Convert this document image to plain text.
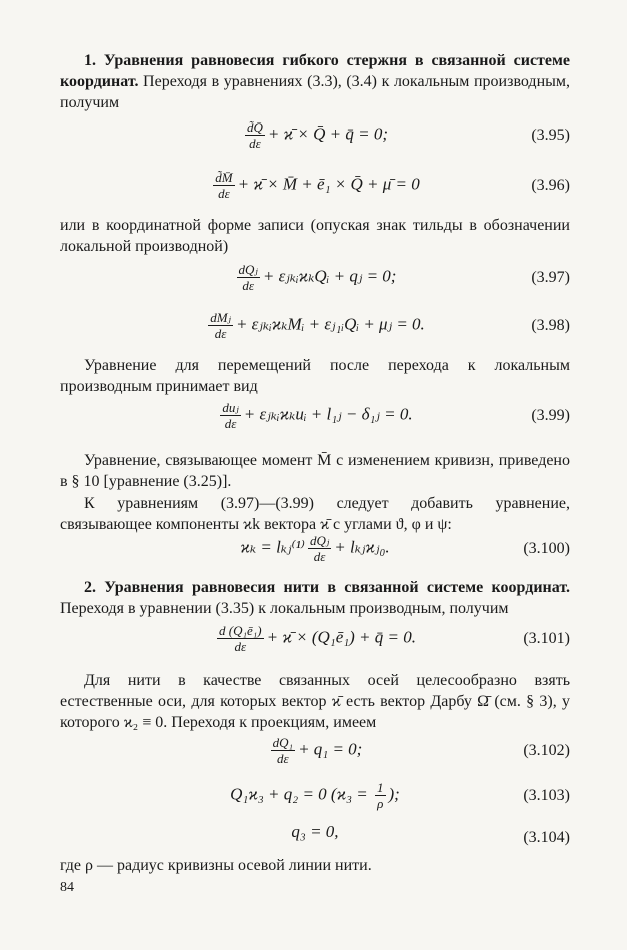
1. Уравнения равновесия гибкого стержня в связанной системе координат. Переходя в уравнениях (3.3), (3.4) к локальным производным, получим

$\frac{d̃Q̄}{d\varepsilon}$ + ϰ̄ × Q̄ + q̄ = 0;	(3.95)
$\frac{d̃M̄}{d\varepsilon}$ + ϰ̄ × M̄ + ē₁ × Q̄ + μ̄ = 0	(3.96)

или в координатной форме записи (опуская знак тильды в обозначении локальной производной)

$\frac{\text{dQⱼ}}{d\varepsilon}$ + εⱼₖᵢϰₖQᵢ + qⱼ = 0;	(3.97)
$\frac{\text{dMⱼ}}{d\varepsilon}$ + εⱼₖᵢϰₖMᵢ + εⱼ₁ᵢQᵢ + μⱼ = 0.	(3.98)

Уравнение для перемещений после перехода к локальным производным принимает вид

$\frac{\text{duⱼ}}{d\varepsilon}$ + εⱼₖᵢϰₖuᵢ + l₁ⱼ − δ₁ⱼ = 0.	(3.99)

Уравнение, связывающее момент M̄ с изменением кривизн, приведено в § 10 [уравнение (3.25)].

К уравнениям (3.97)—(3.99) следует добавить уравнение, связывающее компоненты ϰk вектора ϰ̄ с углами ϑ, φ и ψ:

ϰₖ = lₖⱼ⁽¹⁾ $\frac{\text{dQⱼ}}{d\varepsilon}$ + lₖⱼϰⱼ₀.	(3.100)

2. Уравнения равновесия нити в связанной системе координат. Переходя в уравнении (3.35) к локальным производным, получим

$\frac{\text{d (Q₁ē₁)}}{d\varepsilon}$ + ϰ̄ × (Q₁ē₁) + q̄ = 0.	(3.101)

Для нити в качестве связанных осей целесообразно взять естественные оси, для которых вектор ϰ̄ есть вектор Дарбу Ω̄ (см. § 3), у которого ϰ₂ ≡ 0. Переходя к проекциям, имеем

$\frac{\text{dQ₁}}{d\varepsilon} + q_1 = 0$;	(3.102)
Q₁ϰ₃ + q₂ = 0 ($ϰ_3 = \frac{1}{\rho}$ );	(3.103)
q₃ = 0,	(3.104)

где ρ — радиус кривизны осевой линии нити.

84
